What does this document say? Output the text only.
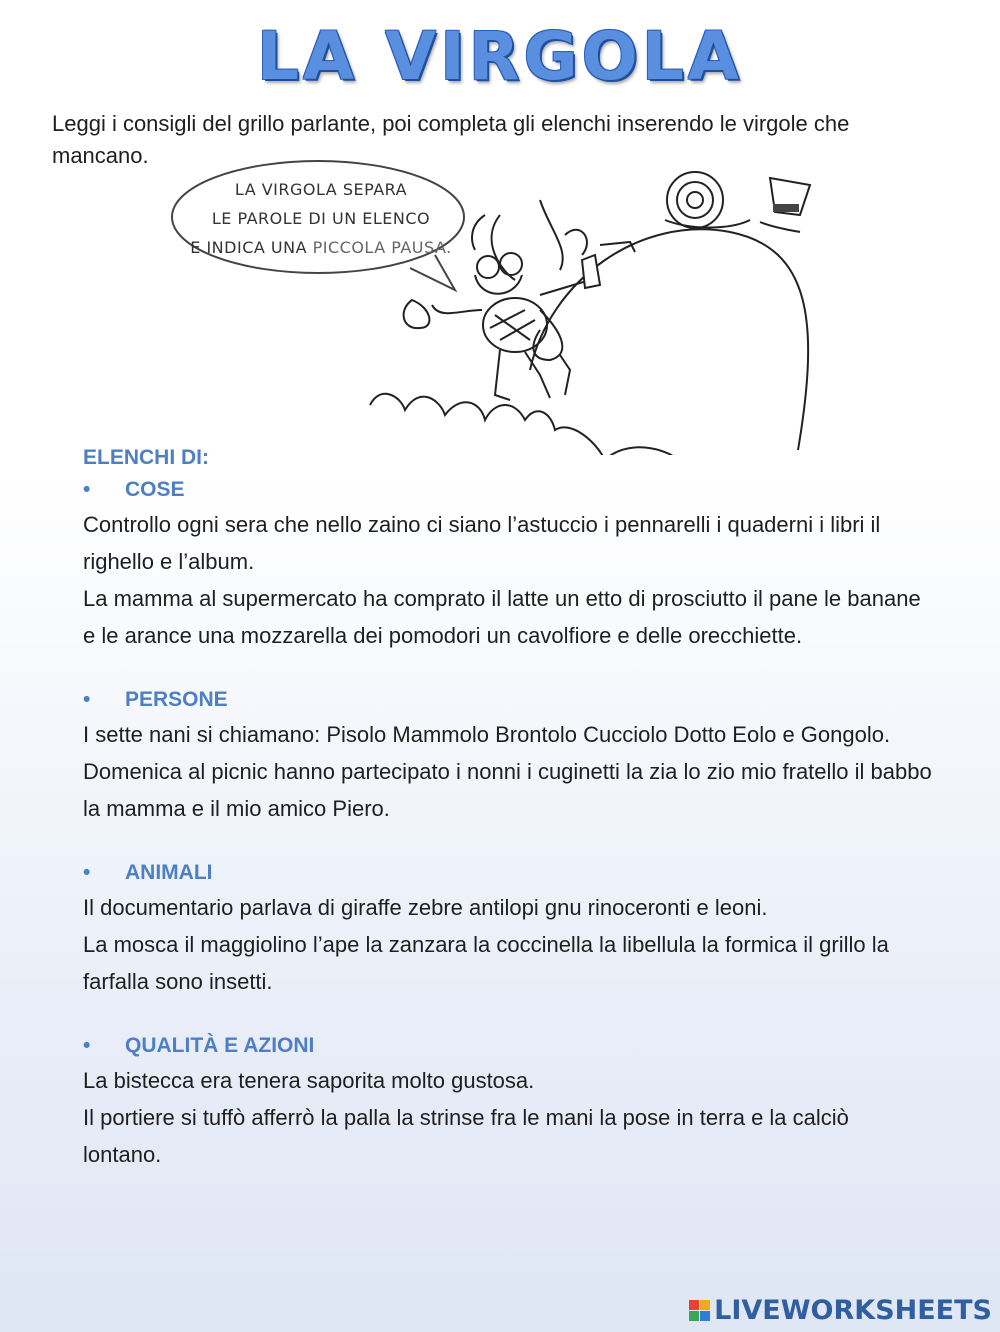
LA VIRGOLA
Leggi i consigli del grillo parlante, poi completa gli elenchi inserendo le virgole che mancano.
LA VIRGOLA SEPARA
LE PAROLE DI UN ELENCO
E INDICA UNA PICCOLA PAUSA.
ELENCHI DI:
• COSE

Controllo ogni sera che nello zaino ci siano l’astuccio i pennarelli i quaderni i libri il righello e l’album.

La mamma al supermercato ha comprato il latte un etto di prosciutto il pane le banane e le arance una mozzarella dei pomodori un cavolfiore e delle orecchiette.

• PERSONE

I sette nani si chiamano: Pisolo Mammolo Brontolo Cucciolo Dotto Eolo e Gongolo.

Domenica al picnic hanno partecipato i nonni i cuginetti la zia lo zio mio fratello il babbo la mamma e il mio amico Piero.

• ANIMALI

Il documentario parlava di giraffe zebre antilopi gnu rinoceronti e leoni.

La mosca il maggiolino l’ape la zanzara la coccinella la libellula la formica il grillo la farfalla sono insetti.

• QUALITÀ E AZIONI

La bistecca era tenera saporita molto gustosa.

Il portiere si tuffò afferrò la palla la strinse fra le mani la pose in terra e la calciò lontano.

LIVEWORKSHEETS
